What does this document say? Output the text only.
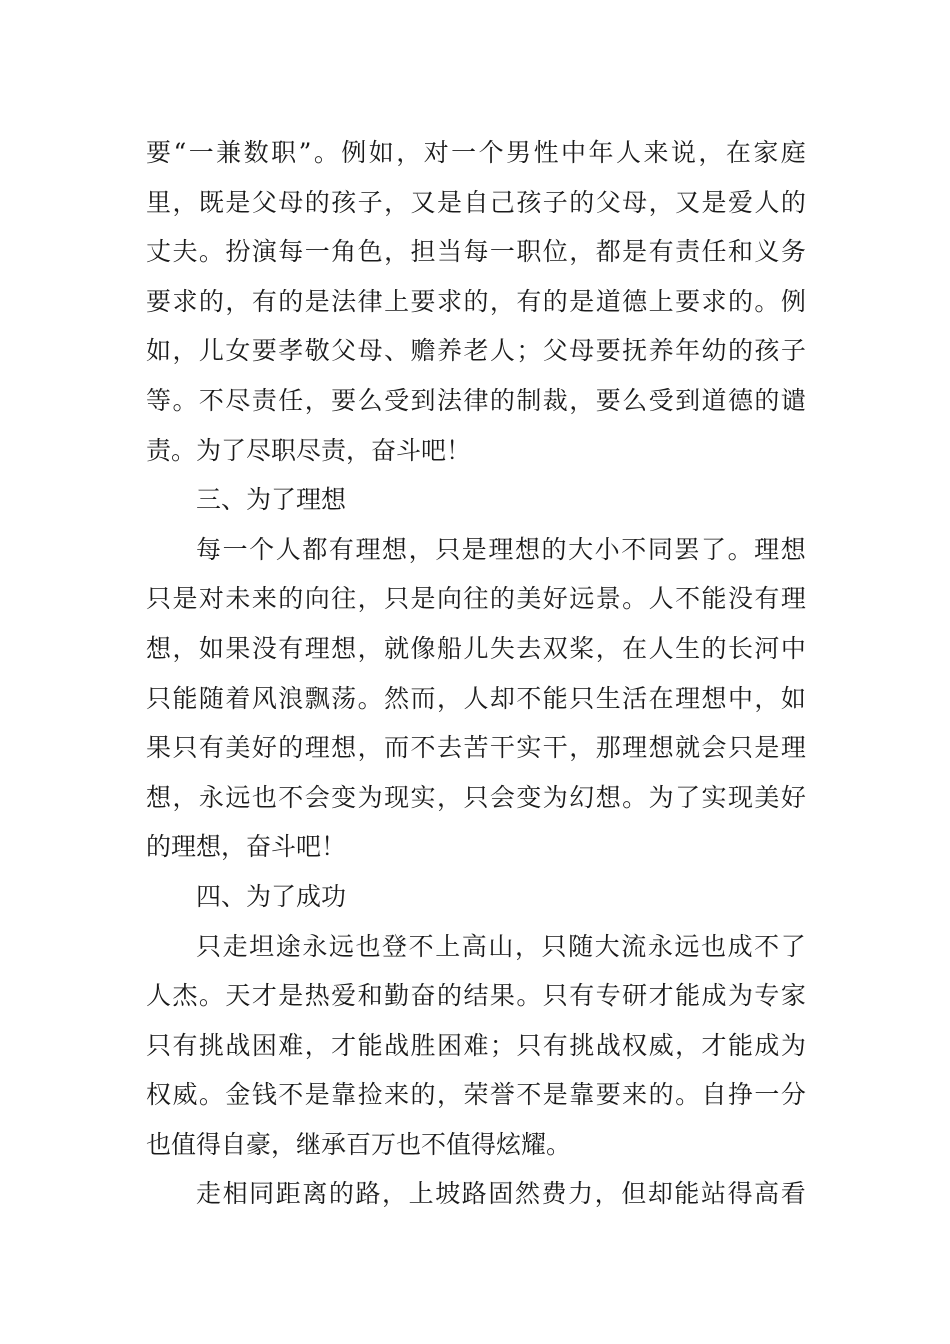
要 “ 一 兼 数 职 ” 。 例 如 ， 对 一 个 男 性 中 年 人 来 说 ， 在 家 庭
里 ， 既 是 父 母 的 孩 子 ， 又 是 自 己 孩 子 的 父 母 ， 又 是 爱 人 的
丈 夫 。 扮 演 每 一 角 色 ， 担 当 每 一 职 位 ， 都 是 有 责 任 和 义 务
要 求 的 ， 有 的 是 法 律 上 要 求 的 ， 有 的 是 道 德 上 要 求 的 。 例
如 ， 儿 女 要 孝 敬 父 母 、 赡 养 老 人 ； 父 母 要 抚 养 年 幼 的 孩 子
等 。 不 尽 责 任 ， 要 么 受 到 法 律 的 制 裁 ， 要 么 受 到 道 德 的 谴
责。为了尽职尽责，奋斗吧！
三、为了理想
每 一 个 人 都 有 理 想 ， 只 是 理 想 的 大 小 不 同 罢 了 。 理 想
只 是 对 未 来 的 向 往 ， 只 是 向 往 的 美 好 远 景 。 人 不 能 没 有 理
想 ， 如 果 没 有 理 想 ， 就 像 船 儿 失 去 双 桨 ， 在 人 生 的 长 河 中
只 能 随 着 风 浪 飘 荡 。 然 而 ， 人 却 不 能 只 生 活 在 理 想 中 ， 如
果 只 有 美 好 的 理 想 ， 而 不 去 苦 干 实 干 ， 那 理 想 就 会 只 是 理
想 ， 永 远 也 不 会 变 为 现 实 ， 只 会 变 为 幻 想 。 为 了 实 现 美 好
的理想，奋斗吧！
四、为了成功
只 走 坦 途 永 远 也 登 不 上 高 山 ， 只 随 大 流 永 远 也 成 不 了
人 杰 。 天 才 是 热 爱 和 勤 奋 的 结 果 。 只 有 专 研 才 能 成 为 专 家
只 有 挑 战 困 难 ， 才 能 战 胜 困 难 ； 只 有 挑 战 权 威 ， 才 能 成 为
权 威 。 金 钱 不 是 靠 捡 来 的 ， 荣 誉 不 是 靠 要 来 的 。 自 挣 一 分
也值得自豪，继承百万也不值得炫耀。
走 相 同 距 离 的 路 ， 上 坡 路 固 然 费 力 ， 但 却 能 站 得 高 看
